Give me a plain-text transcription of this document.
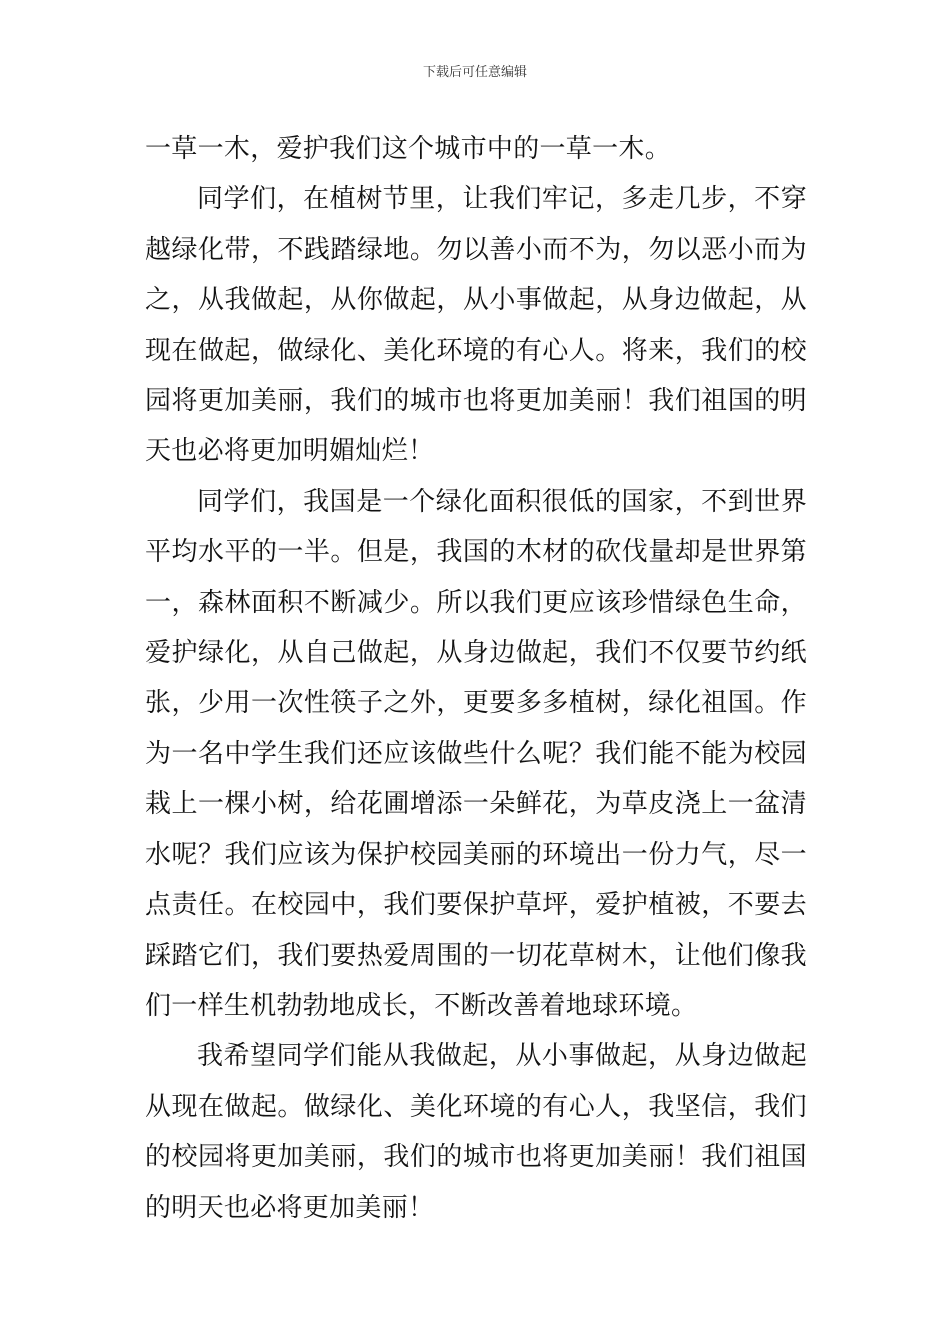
下载后可任意编辑

一草一木，爱护我们这个城市中的一草一木。

同学们，在植树节里，让我们牢记，多走几步，不穿越绿化带，不践踏绿地。勿以善小而不为，勿以恶小而为之，从我做起，从你做起，从小事做起，从身边做起，从现在做起，做绿化、美化环境的有心人。将来，我们的校园将更加美丽，我们的城市也将更加美丽！我们祖国的明天也必将更加明媚灿烂！

同学们，我国是一个绿化面积很低的国家，不到世界平均水平的一半。但是，我国的木材的砍伐量却是世界第一，森林面积不断减少。所以我们更应该珍惜绿色生命，爱护绿化，从自己做起，从身边做起，我们不仅要节约纸张，少用一次性筷子之外，更要多多植树，绿化祖国。作为一名中学生我们还应该做些什么呢？我们能不能为校园栽上一棵小树，给花圃增添一朵鲜花，为草皮浇上一盆清水呢？我们应该为保护校园美丽的环境出一份力气，尽一点责任。在校园中，我们要保护草坪，爱护植被，不要去踩踏它们，我们要热爱周围的一切花草树木，让他们像我们一样生机勃勃地成长，不断改善着地球环境。

我希望同学们能从我做起，从小事做起，从身边做起从现在做起。做绿化、美化环境的有心人，我坚信，我们的校园将更加美丽，我们的城市也将更加美丽！我们祖国的明天也必将更加美丽！
